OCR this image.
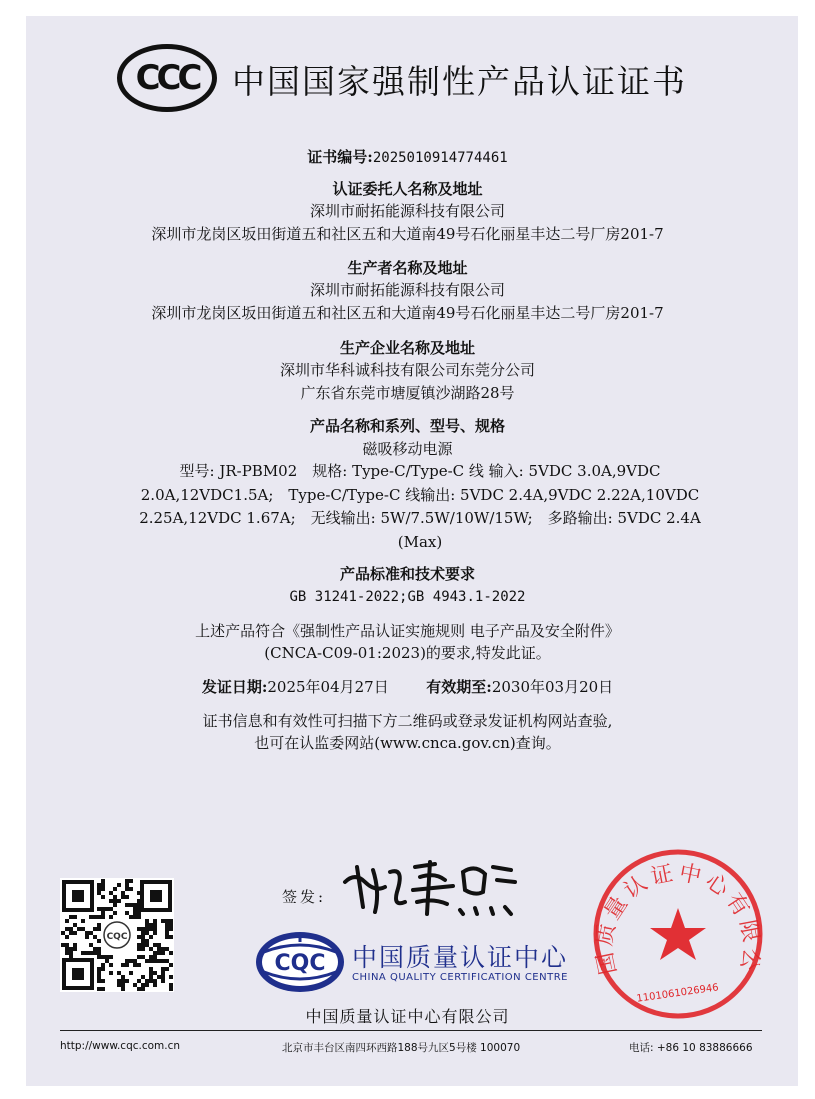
CCC 中国国家强制性产品认证证书
证书编号:2025010914774461
认证委托人名称及地址
深圳市耐拓能源科技有限公司
深圳市龙岗区坂田街道五和社区五和大道南49号石化丽星丰达二号厂房201-7
生产者名称及地址
深圳市耐拓能源科技有限公司
深圳市龙岗区坂田街道五和社区五和大道南49号石化丽星丰达二号厂房201-7
生产企业名称及地址
深圳市华科诚科技有限公司东莞分公司
广东省东莞市塘厦镇沙湖路28号
产品名称和系列、型号、规格
磁吸移动电源
型号: JR-PBM02　规格: Type-C/Type-C 线 输入: 5VDC 3.0A,9VDC
2.0A,12VDC1.5A;　Type-C/Type-C 线输出: 5VDC 2.4A,9VDC 2.22A,10VDC
2.25A,12VDC 1.67A;　无线输出: 5W/7.5W/10W/15W;　多路输出: 5VDC 2.4A
(Max)
产品标准和技术要求
GB 31241-2022;GB 4943.1-2022
上述产品符合《强制性产品认证实施规则 电子产品及安全附件》
(CNCA-C09-01:2023)的要求,特发此证。
发证日期:2025年04月27日	有效期至:2030年03月20日
证书信息和有效性可扫描下方二维码或登录发证机构网站查验,
也可在认监委网站(www.cnca.gov.cn)查询。
CQC
签发:
CQC 中国质量认证中心
CHINA QUALITY CERTIFICATION CENTRE
国质量认证中心有限公
1101061026946
中国质量认证中心有限公司
http://www.cqc.com.cn	北京市丰台区南四环西路188号九区5号楼 100070	电话: +86 10 83886666
